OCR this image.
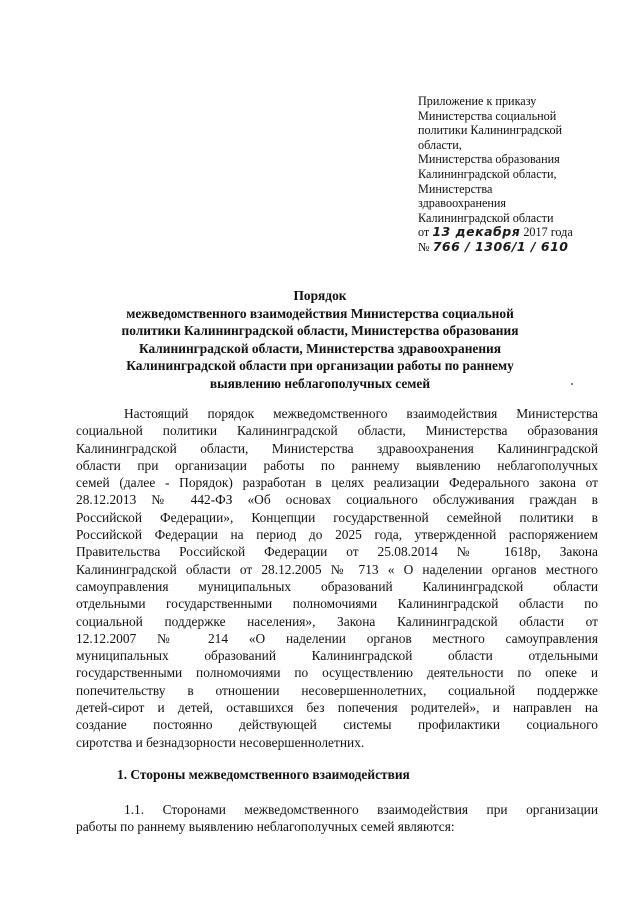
Приложение к приказу
Министерства социальной
политики Калининградской
области,
Министерства образования
Калининградской области,
Министерства
здравоохранения
Калининградской области
от 13 декабря 2017 года
№ 766 / 1306/1 / 610
Порядок
межведомственного взаимодействия Министерства социальной
политики Калининградской области, Министерства образования
Калининградской области, Министерства здравоохранения
Калининградской области при организации работы по раннему
выявлению неблагополучных семей
Настоящий порядок межведомственного взаимодействия Министерства
социальной политики Калининградской области, Министерства образования
Калининградской области, Министерства здравоохранения Калининградской
области при организации работы по раннему выявлению неблагополучных
семей (далее - Порядок) разработан в целях реализации Федерального закона от
28.12.2013 № 442-ФЗ «Об основах социального обслуживания граждан в
Российской Федерации», Концепции государственной семейной политики в
Российской Федерации на период до 2025 года, утвержденной распоряжением
Правительства Российской Федерации от 25.08.2014 № 1618р, Закона
Калининградской области от 28.12.2005 № 713 « О наделении органов местного
самоуправления муниципальных образований Калининградской области
отдельными государственными полномочиями Калининградской области по
социальной поддержке населения», Закона Калининградской области от
12.12.2007 № 214 «О наделении органов местного самоуправления
муниципальных образований Калининградской области отдельными
государственными полномочиями по осуществлению деятельности по опеке и
попечительству в отношении несовершеннолетних, социальной поддержке
детей-сирот и детей, оставшихся без попечения родителей», и направлен на
создание постоянно действующей системы профилактики социального
сиротства и безнадзорности несовершеннолетних.
1. Стороны межведомственного взаимодействия
1.1. Сторонами межведомственного взаимодействия при организации
работы по раннему выявлению неблагополучных семей являются:
